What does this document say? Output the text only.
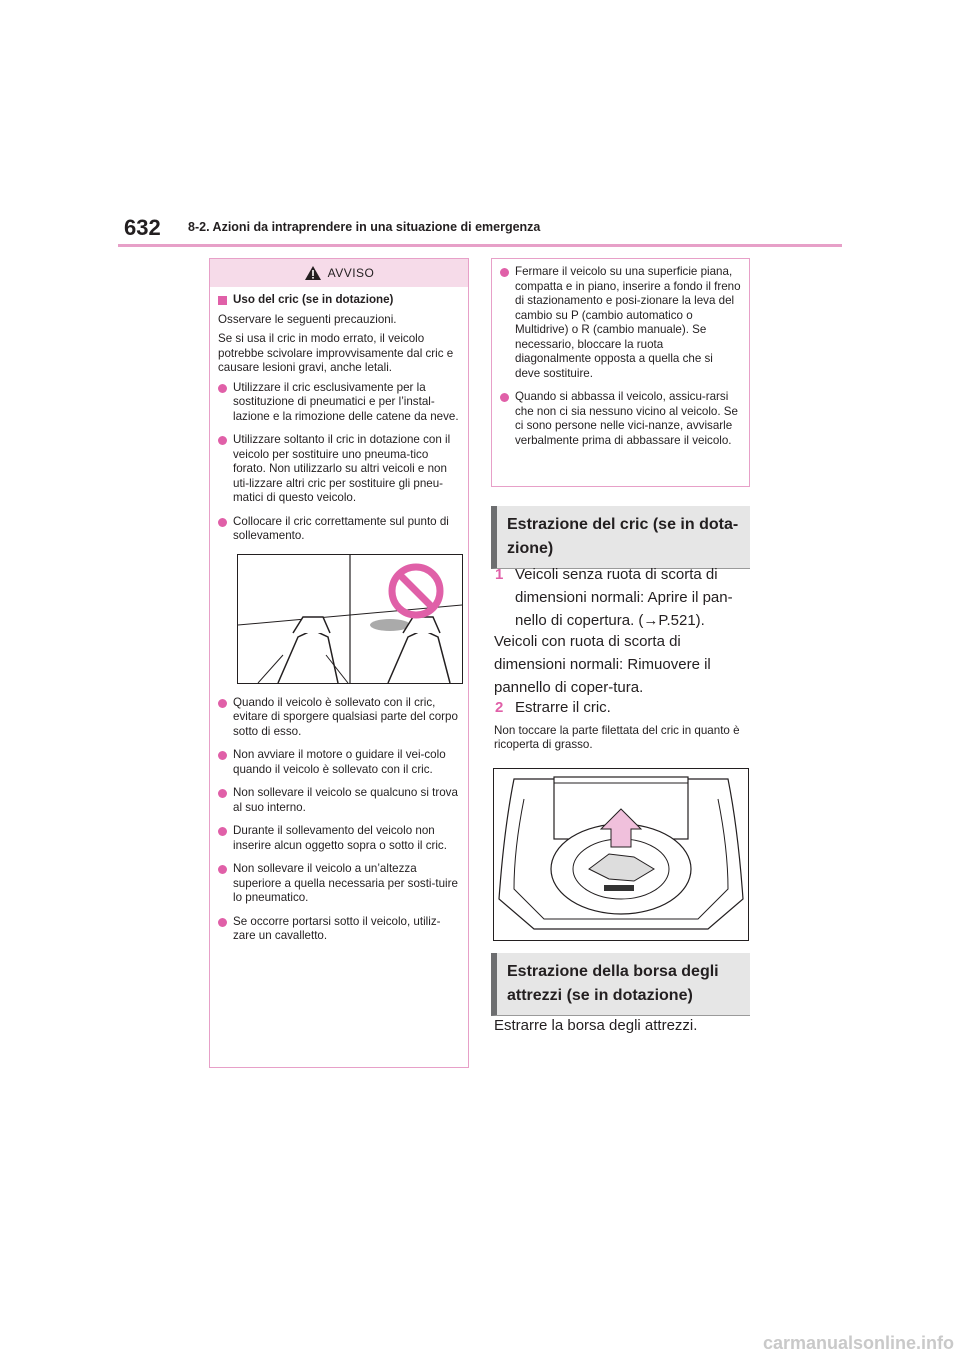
632 8-2. Azioni da intraprendere in una situazione di emergenza
AVVISO
Uso del cric (se in dotazione)
Osservare le seguenti precauzioni.
Se si usa il cric in modo errato, il veicolo potrebbe scivolare improvvisamente dal cric e causare lesioni gravi, anche letali.
Utilizzare il cric esclusivamente per la sostituzione di pneumatici e per l’instal-lazione e la rimozione delle catene da neve.
Utilizzare soltanto il cric in dotazione con il veicolo per sostituire uno pneuma-tico forato. Non utilizzarlo su altri veicoli e non uti-lizzare altri cric per sostituire gli pneu-matici di questo veicolo.
Collocare il cric correttamente sul punto di sollevamento.
Quando il veicolo è sollevato con il cric, evitare di sporgere qualsiasi parte del corpo sotto di esso.
Non avviare il motore o guidare il vei-colo quando il veicolo è sollevato con il cric.
Non sollevare il veicolo se qualcuno si trova al suo interno.
Durante il sollevamento del veicolo non inserire alcun oggetto sopra o sotto il cric.
Non sollevare il veicolo a un’altezza superiore a quella necessaria per sosti-tuire lo pneumatico.
Se occorre portarsi sotto il veicolo, utiliz-zare un cavalletto.
Fermare il veicolo su una superficie piana, compatta e in piano, inserire a fondo il freno di stazionamento e posi-zionare la leva del cambio su P (cambio automatico o Multidrive) o R (cambio manuale). Se necessario, bloccare la ruota diagonalmente opposta a quella che si deve sostituire.
Quando si abbassa il veicolo, assicu-rarsi che non ci sia nessuno vicino al veicolo. Se ci sono persone nelle vici-nanze, avvisarle verbalmente prima di abbassare il veicolo.
Estrazione del cric (se in dota-zione)
1 Veicoli senza ruota di scorta di dimensioni normali: Aprire il pan-nello di copertura. (→P.521).
Veicoli con ruota di scorta di dimensioni normali: Rimuovere il pannello di coper-tura.
2 Estrarre il cric.
Non toccare la parte filettata del cric in quanto è ricoperta di grasso.
Estrazione della borsa degli attrezzi (se in dotazione)
Estrarre la borsa degli attrezzi.
carmanualsonline.info
